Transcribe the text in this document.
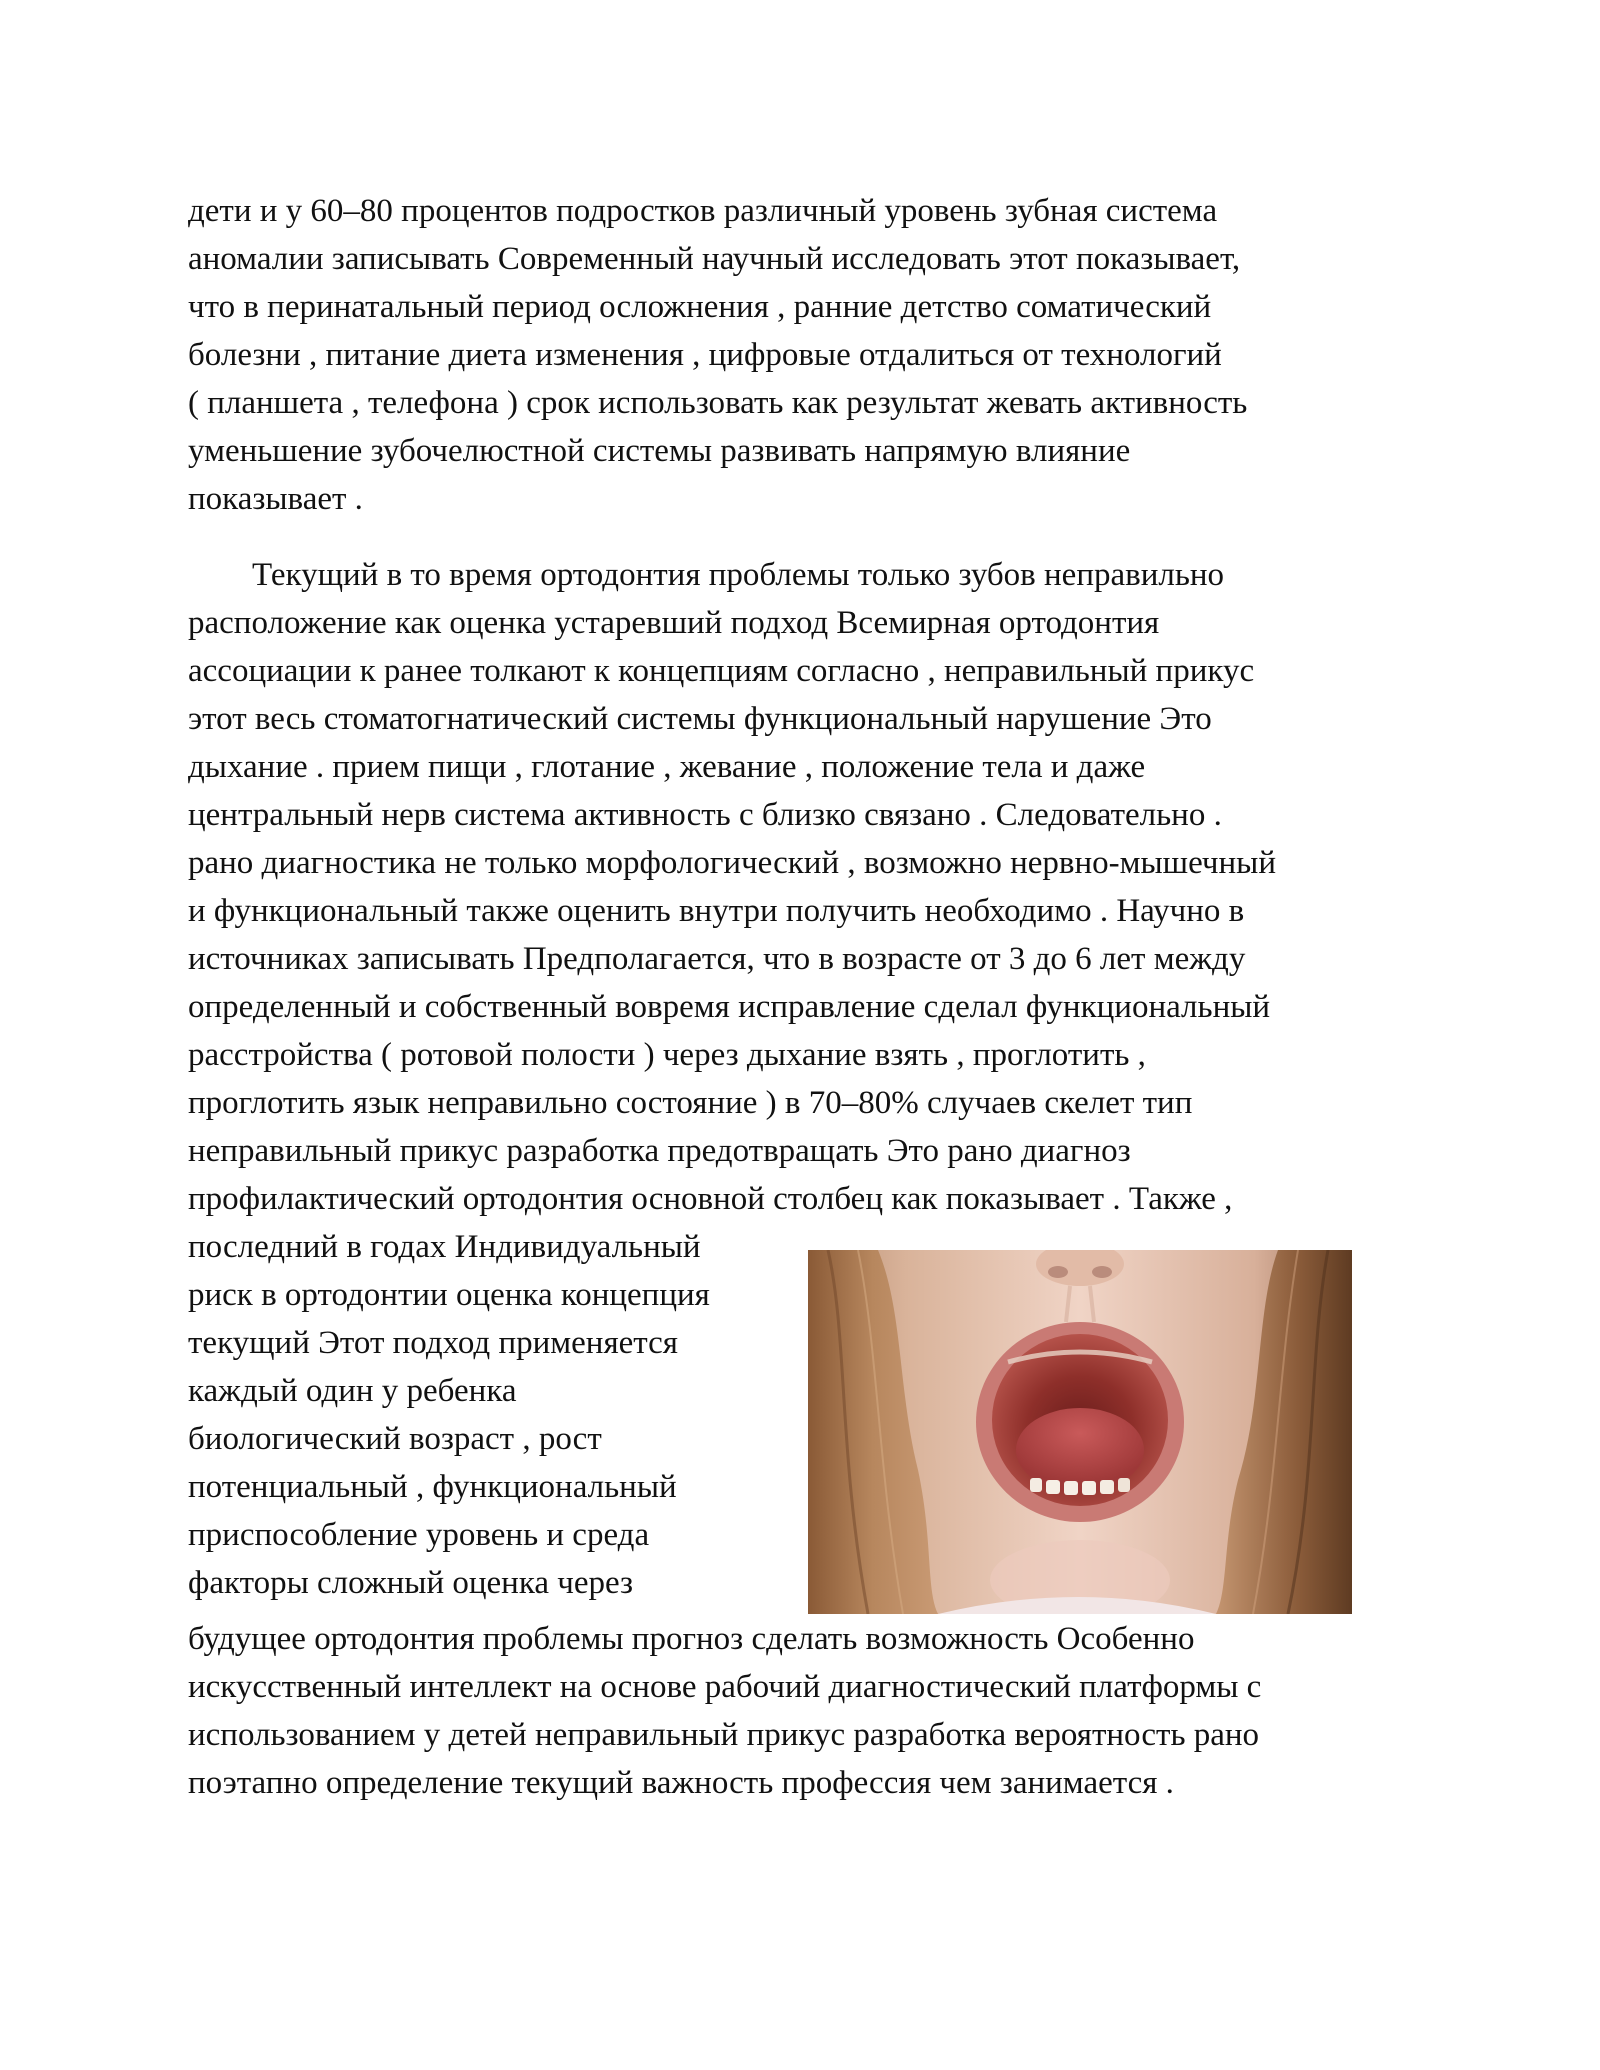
дети и у 60–80 процентов подростков различный уровень зубная система
аномалии записывать Современный научный исследовать этот показывает,
что в перинатальный период осложнения , ранние детство соматический
болезни , питание диета изменения , цифровые отдалиться от технологий
( планшета , телефона ) срок использовать как результат жевать активность
уменьшение зубочелюстной системы развивать напрямую влияние
показывает .
Текущий в то время ортодонтия проблемы только зубов неправильно
расположение как оценка устаревший подход Всемирная ортодонтия
ассоциации к ранее толкают к концепциям согласно , неправильный прикус
этот весь стоматогнатический системы функциональный нарушение Это
дыхание . прием пищи , глотание , жевание , положение тела и даже
центральный нерв система активность с близко связано . Следовательно .
рано диагностика не только морфологический , возможно нервно-мышечный
и функциональный также оценить внутри получить необходимо . Научно в
источниках записывать Предполагается, что в возрасте от 3 до 6 лет между
определенный и собственный вовремя исправление сделал функциональный
расстройства ( ротовой полости ) через дыхание взять , проглотить ,
проглотить язык неправильно состояние ) в 70–80% случаев скелет тип
неправильный прикус разработка предотвращать Это рано диагноз
профилактический ортодонтия основной столбец как показывает . Также ,
последний в годах Индивидуальный
риск в ортодонтии оценка концепция
текущий Этот подход применяется
каждый один у ребенка
биологический возраст , рост
потенциальный , функциональный
приспособление уровень и среда
факторы сложный оценка через
будущее ортодонтия проблемы прогноз сделать возможность Особенно
искусственный интеллект на основе рабочий диагностический платформы с
использованием у детей неправильный прикус разработка вероятность рано
поэтапно определение текущий важность профессия чем занимается .
